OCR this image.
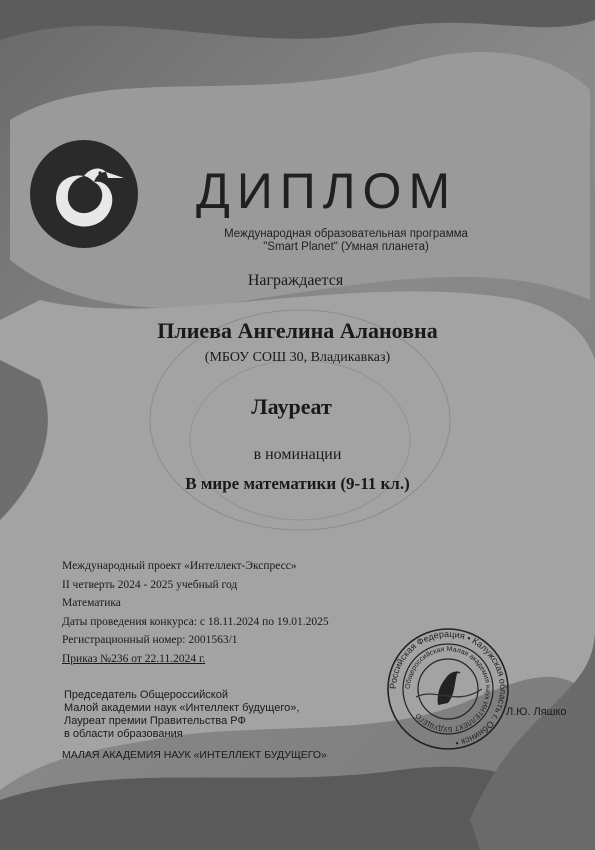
ДИПЛОМ
Международная образовательная программа
"Smart Planet" (Умная планета)
Награждается
Плиева Ангелина Алановна
(МБОУ СОШ 30, Владикавказ)
Лауреат
в номинации
В мире математики (9-11 кл.)
Международный проект «Интеллект-Экспресс»
II четверть 2024 - 2025 учебный год
Математика
Даты проведения конкурса: с 18.11.2024 по 19.01.2025
Регистрационный номер: 2001563/1
Приказ №236 от 22.11.2024 г.
Председатель Общероссийской
Малой академии наук «Интеллект будущего»,
Лауреат премии Правительства РФ
в области образования
Российская Федерация • Калужская область г. Обнинск •
Общероссийская Малая академия наук ИНТЕЛЛЕКТ БУДУЩЕГО	Л.Ю. Ляшко
МАЛАЯ АКАДЕМИЯ НАУК «ИНТЕЛЛЕКТ БУДУЩЕГО»
